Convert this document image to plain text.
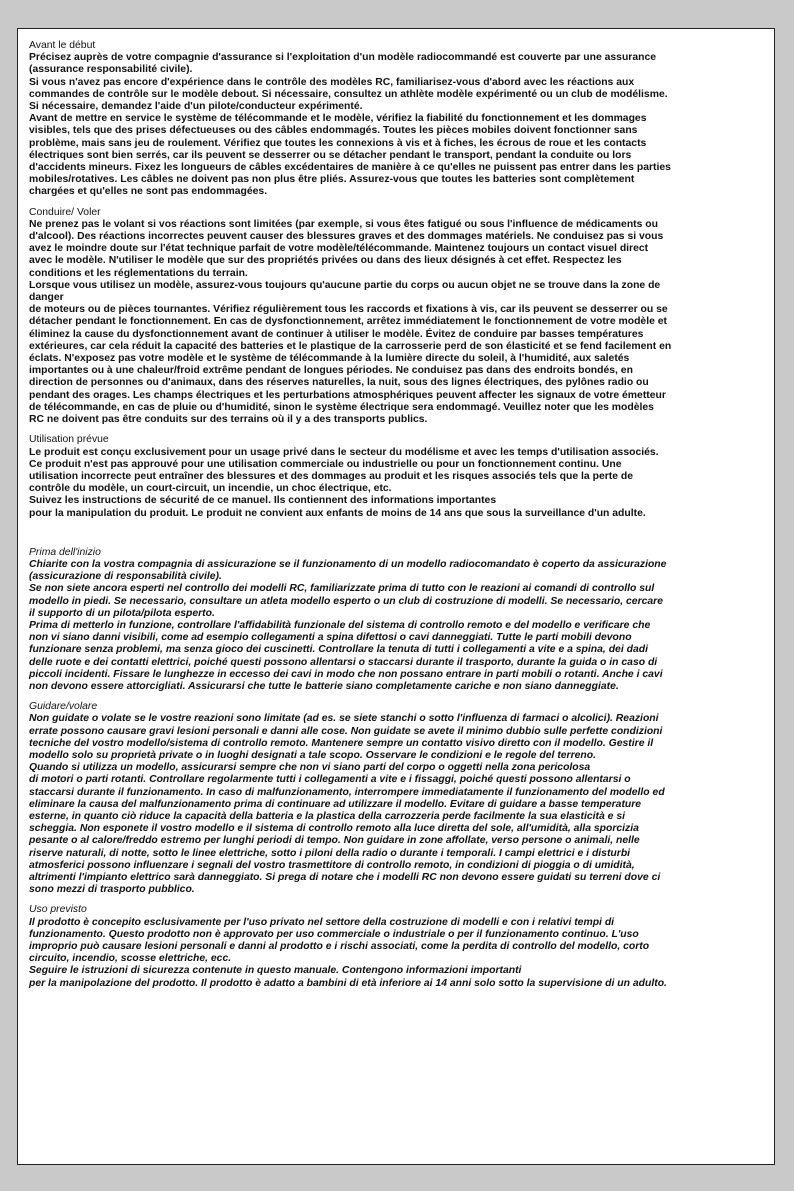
Avant le début

Précisez auprès de votre compagnie d'assurance si l'exploitation d'un modèle radiocommandé est couverte par une assurance
(assurance responsabilité civile).
Si vous n'avez pas encore d'expérience dans le contrôle des modèles RC, familiarisez-vous d'abord avec les réactions aux
commandes de contrôle sur le modèle debout. Si nécessaire, consultez un athlète modèle expérimenté ou un club de modélisme.
Si nécessaire, demandez l'aide d'un pilote/conducteur expérimenté.
Avant de mettre en service le système de télécommande et le modèle, vérifiez la fiabilité du fonctionnement et les dommages
visibles, tels que des prises défectueuses ou des câbles endommagés. Toutes les pièces mobiles doivent fonctionner sans
problème, mais sans jeu de roulement. Vérifiez que toutes les connexions à vis et à fiches, les écrous de roue et les contacts
électriques sont bien serrés, car ils peuvent se desserrer ou se détacher pendant le transport, pendant la conduite ou lors
d'accidents mineurs. Fixez les longueurs de câbles excédentaires de manière à ce qu'elles ne puissent pas entrer dans les parties
mobiles/rotatives. Les câbles ne doivent pas non plus être pliés. Assurez-vous que toutes les batteries sont complètement
chargées et qu'elles ne sont pas endommagées.

Conduire/ Voler

Ne prenez pas le volant si vos réactions sont limitées (par exemple, si vous êtes fatigué ou sous l'influence de médicaments ou
d'alcool). Des réactions incorrectes peuvent causer des blessures graves et des dommages matériels. Ne conduisez pas si vous
avez le moindre doute sur l'état technique parfait de votre modèle/télécommande. Maintenez toujours un contact visuel direct
avec le modèle. N'utiliser le modèle que sur des propriétés privées ou dans des lieux désignés à cet effet. Respectez les
conditions et les réglementations du terrain.
Lorsque vous utilisez un modèle, assurez-vous toujours qu'aucune partie du corps ou aucun objet ne se trouve dans la zone de
danger
de moteurs ou de pièces tournantes. Vérifiez régulièrement tous les raccords et fixations à vis, car ils peuvent se desserrer ou se
détacher pendant le fonctionnement. En cas de dysfonctionnement, arrêtez immédiatement le fonctionnement de votre modèle et
éliminez la cause du dysfonctionnement avant de continuer à utiliser le modèle. Évitez de conduire par basses températures
extérieures, car cela réduit la capacité des batteries et le plastique de la carrosserie perd de son élasticité et se fend facilement en
éclats. N'exposez pas votre modèle et le système de télécommande à la lumière directe du soleil, à l'humidité, aux saletés
importantes ou à une chaleur/froid extrême pendant de longues périodes. Ne conduisez pas dans des endroits bondés, en
direction de personnes ou d'animaux, dans des réserves naturelles, la nuit, sous des lignes électriques, des pylônes radio ou
pendant des orages. Les champs électriques et les perturbations atmosphériques peuvent affecter les signaux de votre émetteur
de télécommande, en cas de pluie ou d'humidité, sinon le système électrique sera endommagé. Veuillez noter que les modèles
RC ne doivent pas être conduits sur des terrains où il y a des transports publics.

Utilisation prévue

Le produit est conçu exclusivement pour un usage privé dans le secteur du modélisme et avec les temps d'utilisation associés.
Ce produit n'est pas approuvé pour une utilisation commerciale ou industrielle ou pour un fonctionnement continu. Une
utilisation incorrecte peut entraîner des blessures et des dommages au produit et les risques associés tels que la perte de
contrôle du modèle, un court-circuit, un incendie, un choc électrique, etc.
Suivez les instructions de sécurité de ce manuel. Ils contiennent des informations importantes
pour la manipulation du produit. Le produit ne convient aux enfants de moins de 14 ans que sous la surveillance d'un adulte.

Prima dell'inizio

Chiarite con la vostra compagnia di assicurazione se il funzionamento di un modello radiocomandato è coperto da assicurazione
(assicurazione di responsabilità civile).
Se non siete ancora esperti nel controllo dei modelli RC, familiarizzate prima di tutto con le reazioni ai comandi di controllo sul
modello in piedi. Se necessario, consultare un atleta modello esperto o un club di costruzione di modelli. Se necessario, cercare
il supporto di un pilota/pilota esperto.
Prima di metterlo in funzione, controllare l'affidabilità funzionale del sistema di controllo remoto e del modello e verificare che
non vi siano danni visibili, come ad esempio collegamenti a spina difettosi o cavi danneggiati. Tutte le parti mobili devono
funzionare senza problemi, ma senza gioco dei cuscinetti. Controllare la tenuta di tutti i collegamenti a vite e a spina, dei dadi
delle ruote e dei contatti elettrici, poiché questi possono allentarsi o staccarsi durante il trasporto, durante la guida o in caso di
piccoli incidenti. Fissare le lunghezze in eccesso dei cavi in modo che non possano entrare in parti mobili o rotanti. Anche i cavi
non devono essere attorcigliati. Assicurarsi che tutte le batterie siano completamente cariche e non siano danneggiate.

Guidare/volare

Non guidate o volate se le vostre reazioni sono limitate (ad es. se siete stanchi o sotto l'influenza di farmaci o alcolici). Reazioni
errate possono causare gravi lesioni personali e danni alle cose. Non guidate se avete il minimo dubbio sulle perfette condizioni
tecniche del vostro modello/sistema di controllo remoto. Mantenere sempre un contatto visivo diretto con il modello. Gestire il
modello solo su proprietà private o in luoghi designati a tale scopo. Osservare le condizioni e le regole del terreno.
Quando si utilizza un modello, assicurarsi sempre che non vi siano parti del corpo o oggetti nella zona pericolosa
di motori o parti rotanti. Controllare regolarmente tutti i collegamenti a vite e i fissaggi, poiché questi possono allentarsi o
staccarsi durante il funzionamento. In caso di malfunzionamento, interrompere immediatamente il funzionamento del modello ed
eliminare la causa del malfunzionamento prima di continuare ad utilizzare il modello. Evitare di guidare a basse temperature
esterne, in quanto ciò riduce la capacità della batteria e la plastica della carrozzeria perde facilmente la sua elasticità e si
scheggia. Non esponete il vostro modello e il sistema di controllo remoto alla luce diretta del sole, all'umidità, alla sporcizia
pesante o al calore/freddo estremo per lunghi periodi di tempo. Non guidare in zone affollate, verso persone o animali, nelle
riserve naturali, di notte, sotto le linee elettriche, sotto i piloni della radio o durante i temporali. I campi elettrici e i disturbi
atmosferici possono influenzare i segnali del vostro trasmettitore di controllo remoto, in condizioni di pioggia o di umidità,
altrimenti l'impianto elettrico sarà danneggiato. Si prega di notare che i modelli RC non devono essere guidati su terreni dove ci
sono mezzi di trasporto pubblico.

Uso previsto

Il prodotto è concepito esclusivamente per l'uso privato nel settore della costruzione di modelli e con i relativi tempi di
funzionamento. Questo prodotto non è approvato per uso commerciale o industriale o per il funzionamento continuo. L'uso
improprio può causare lesioni personali e danni al prodotto e i rischi associati, come la perdita di controllo del modello, corto
circuito, incendio, scosse elettriche, ecc.
Seguire le istruzioni di sicurezza contenute in questo manuale. Contengono informazioni importanti
per la manipolazione del prodotto. Il prodotto è adatto a bambini di età inferiore ai 14 anni solo sotto la supervisione di un adulto.
